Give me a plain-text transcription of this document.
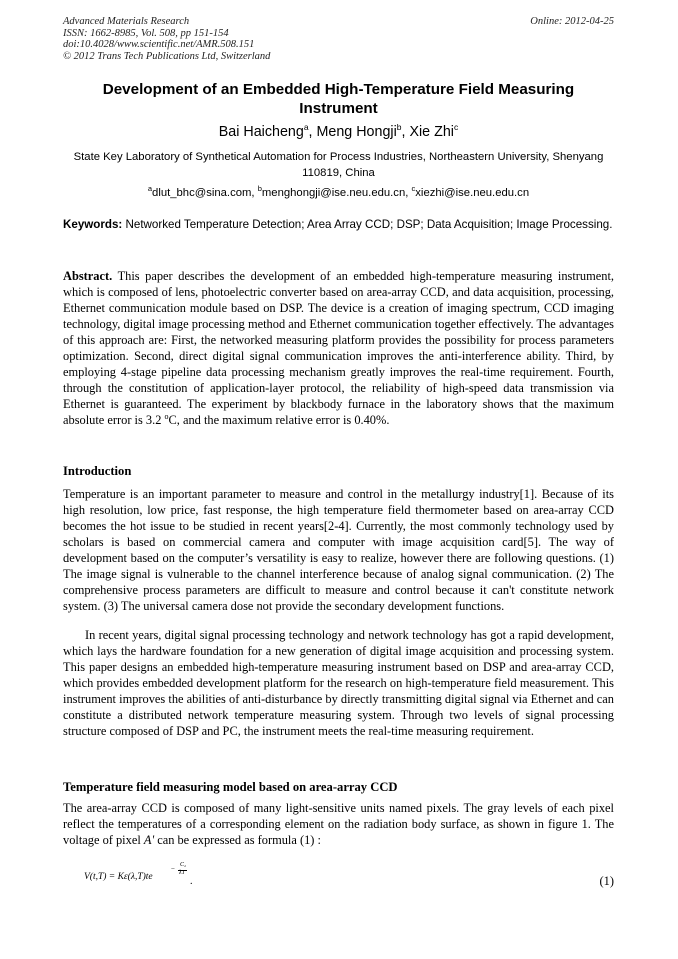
Advanced Materials Research
ISSN: 1662-8985, Vol. 508, pp 151-154
doi:10.4028/www.scientific.net/AMR.508.151
© 2012 Trans Tech Publications Ltd, Switzerland
Online: 2012-04-25
Development of an Embedded High-Temperature Field Measuring Instrument
Bai Haicheng$^a$, Meng Hongji$^b$, Xie Zhi$^c$
State Key Laboratory of Synthetical Automation for Process Industries, Northeastern University, Shenyang 110819, China
$^a$dlut_bhc@sina.com, $^b$menghongji@ise.neu.edu.cn, $^c$xiezhi@ise.neu.edu.cn
Keywords: Networked Temperature Detection; Area Array CCD; DSP; Data Acquisition; Image Processing.
Abstract. This paper describes the development of an embedded high-temperature measuring instrument, which is composed of lens, photoelectric converter based on area-array CCD, and data acquisition, processing, Ethernet communication module based on DSP. The device is a creation of imaging spectrum, CCD imaging technology, digital image processing method and Ethernet communication together effectively. The advantages of this approach are: First, the networked measuring platform provides the possibility for process parameters optimization. Second, direct digital signal communication improves the anti-interference ability. Third, by employing 4-stage pipeline data processing mechanism greatly improves the real-time requirement. Fourth, through the constitution of application-layer protocol, the reliability of high-speed data transmission via Ethernet is guaranteed. The experiment by blackbody furnace in the laboratory shows that the maximum absolute error is 3.2 $^o$C, and the maximum relative error is 0.40%.
Introduction
Temperature is an important parameter to measure and control in the metallurgy industry[1]. Because of its high resolution, low price, fast response, the high temperature field thermometer based on area-array CCD becomes the hot issue to be studied in recent years[2-4]. Currently, the most commonly technology used by scholars is based on commercial camera and computer with image acquisition card[5]. The way of development based on the computer’s versatility is easy to realize, however there are following questions. (1) The image signal is vulnerable to the channel interference because of analog signal communication. (2) The comprehensive process parameters are difficult to measure and control because it can't constitute network system. (3) The universal camera dose not provide the secondary development functions.
In recent years, digital signal processing technology and network technology has got a rapid development, which lays the hardware foundation for a new generation of digital image acquisition and processing system. This paper designs an embedded high-temperature measuring instrument based on DSP and area-array CCD, which provides embedded development platform for the research on high-temperature field measurement. This instrument improves the abilities of anti-disturbance by directly transmitting digital signal via Ethernet and can constitute a distributed network temperature measuring system. Through two levels of signal processing structure composed of DSP and PC, the instrument meets the real-time measuring requirement.
Temperature field measuring model based on area-array CCD
The area-array CCD is composed of many light-sensitive units named pixels. The gray levels of each pixel reflect the temperatures of a corresponding element on the radiation body surface, as shown in figure 1. The voltage of pixel A' can be expressed as formula (1) :
V(t,T) = Kε(λ,T)te
− C₂
λT
.	(1)
